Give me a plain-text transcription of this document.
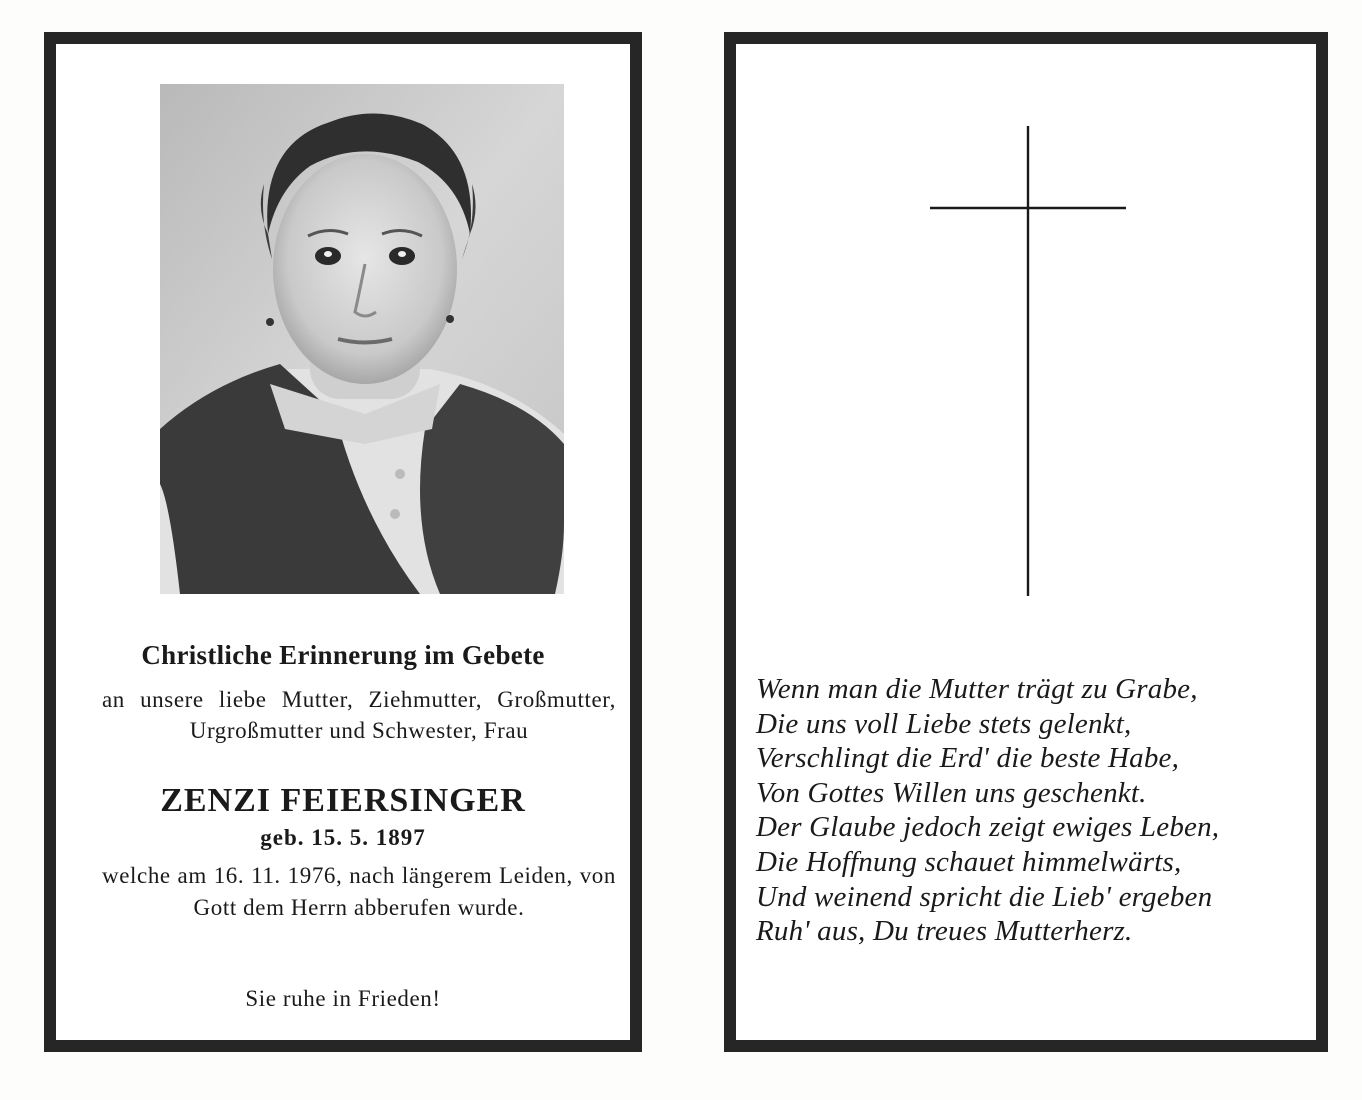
Christliche Erinnerung im Gebete
an unsere liebe Mutter, Ziehmutter, Großmutter, Urgroßmutter und Schwester, Frau
ZENZI FEIERSINGER
geb. 15. 5. 1897
welche am 16. 11. 1976, nach längerem Leiden, von Gott dem Herrn abberufen wurde.
Sie ruhe in Frieden!
Wenn man die Mutter trägt zu Grabe,
Die uns voll Liebe stets gelenkt,
Verschlingt die Erd' die beste Habe,
Von Gottes Willen uns geschenkt.
Der Glaube jedoch zeigt ewiges Leben,
Die Hoffnung schauet himmelwärts,
Und weinend spricht die Lieb' ergeben
Ruh' aus, Du treues Mutterherz.
